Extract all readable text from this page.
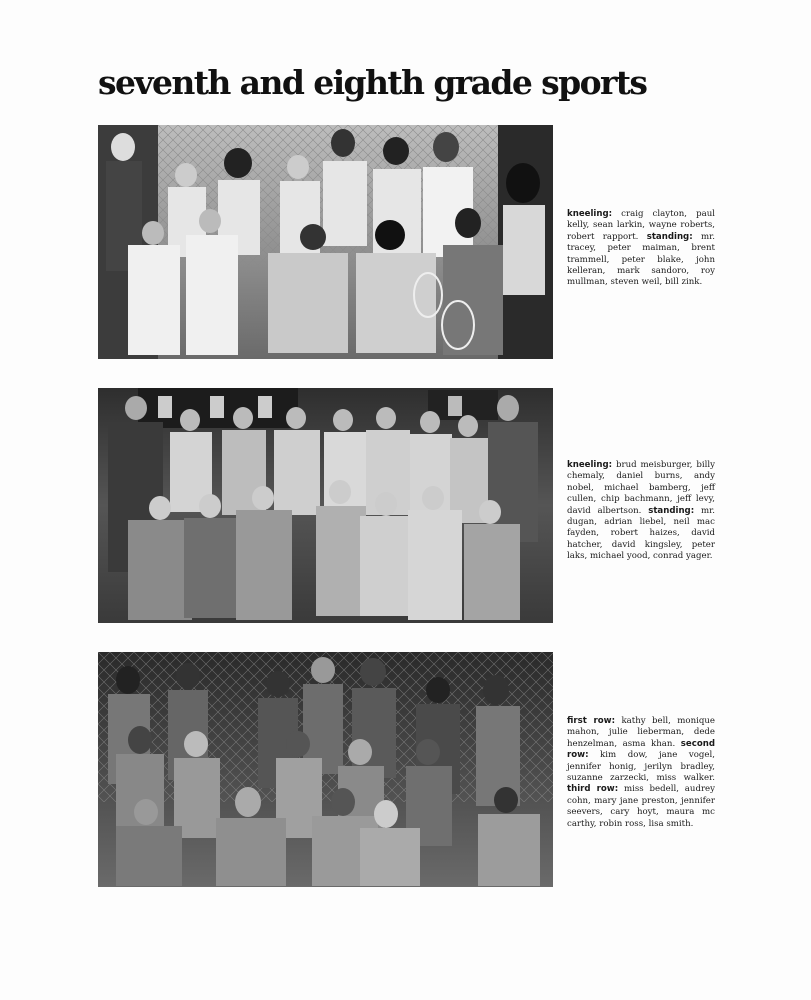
seventh and eighth grade sports
kneeling: craig clayton, paul kelly, sean larkin, wayne roberts, robert rapport. standing: mr. tracey, peter maiman, brent trammell, peter blake, john kelleran, mark sandoro, roy mullman, steven weil, bill zink.
kneeling: brud meisburger, billy chemaly, daniel burns, andy nobel, michael bamberg, jeff cullen, chip bachmann, jeff levy, david albertson. standing: mr. dugan, adrian liebel, neil mac fayden, robert haizes, david hatcher, david kingsley, peter laks, michael yood, conrad yager.
first row: kathy bell, monique mahon, julie lieberman, dede henzelman, asma khan. second row: kim dow, jane vogel, jennifer honig, jerilyn bradley, suzanne zarzecki, miss walker. third row: miss bedell, audrey cohn, mary jane preston, jennifer seevers, cary hoyt, maura mc carthy, robin ross, lisa smith.
